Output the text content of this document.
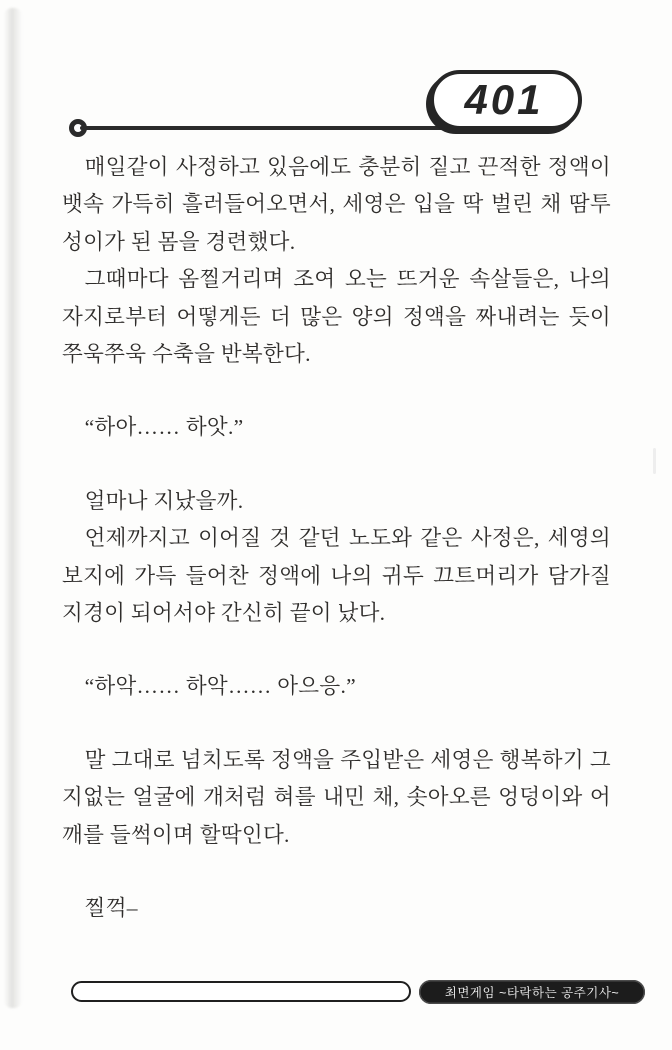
401

매일같이 사정하고 있음에도 충분히 짙고 끈적한 정액이 뱃속 가득히 흘러들어오면서, 세영은 입을 딱 벌린 채 땀투성이가 된 몸을 경련했다.

그때마다 옴찔거리며 조여 오는 뜨거운 속살들은, 나의 자지로부터 어떻게든 더 많은 양의 정액을 짜내려는 듯이 쭈욱쭈욱 수축을 반복한다.

“하아…… 하앗.”

얼마나 지났을까.

언제까지고 이어질 것 같던 노도와 같은 사정은, 세영의 보지에 가득 들어찬 정액에 나의 귀두 끄트머리가 담가질 지경이 되어서야 간신히 끝이 났다.

“하악…… 하악…… 아으응.”

말 그대로 넘치도록 정액을 주입받은 세영은 행복하기 그지없는 얼굴에 개처럼 혀를 내민 채, 솟아오른 엉덩이와 어깨를 들썩이며 할딱인다.

찔꺽–

최면게임 ~타락하는 공주기사~
